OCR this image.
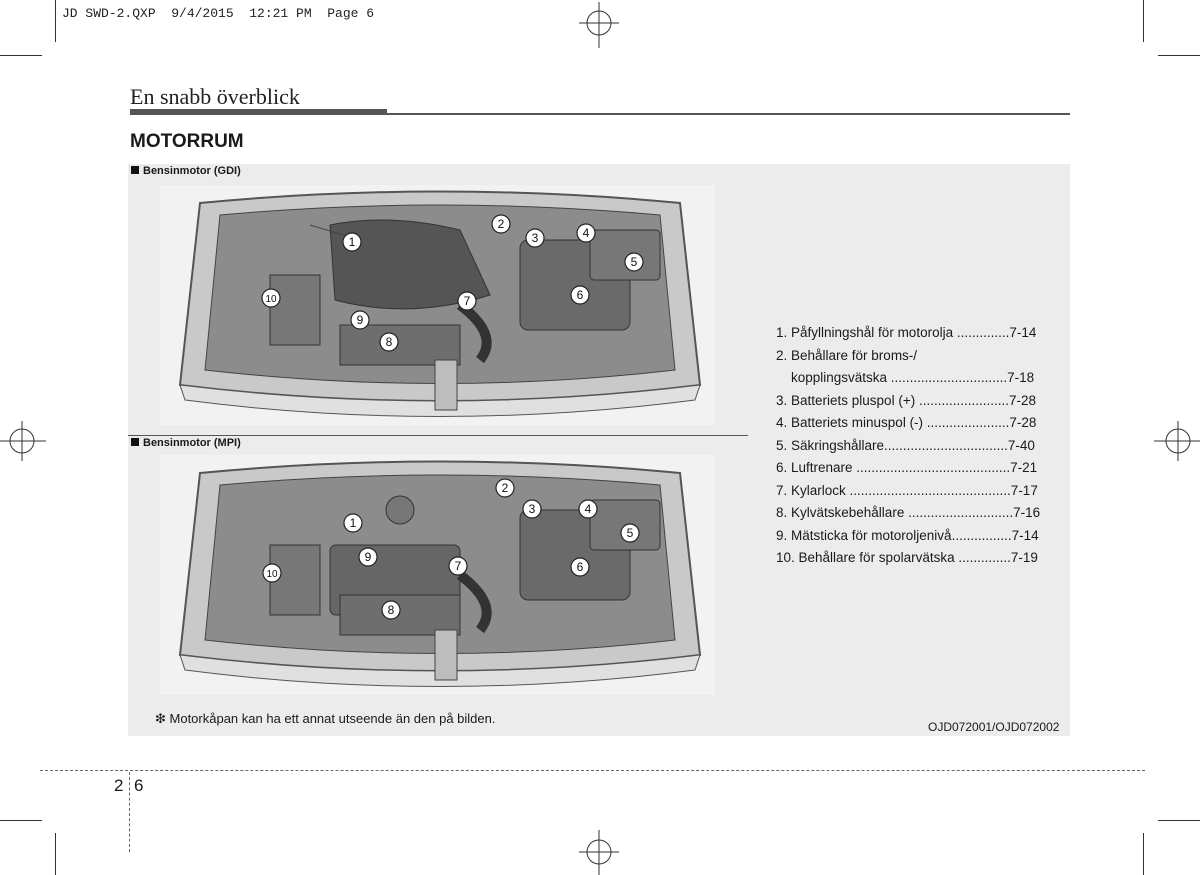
JD SWD-2.QXP  9/4/2015  12:21 PM  Page 6
En snabb överblick
MOTORRUM
Bensinmotor (GDI)
Bensinmotor (MPI)
1
2
3	4
5
6
7
8
9
10
1
2
3	4
5
6
7
8
9
10
1. Påfyllningshål för motorolja ..............7-14
2. Behållare för broms-/
kopplingsvätska ...............................7-18
3. Batteriets pluspol (+) ........................7-28
4. Batteriets minuspol (-) ......................7-28
5. Säkringshållare.................................7-40
6. Luftrenare .........................................7-21
7. Kylarlock ...........................................7-17
8. Kylvätskebehållare ............................7-16
9. Mätsticka för motoroljenivå................7-14
10. Behållare för spolarvätska ..............7-19
❇ Motorkåpan kan ha ett annat utseende än den på bilden.
OJD072001/OJD072002
2 6
